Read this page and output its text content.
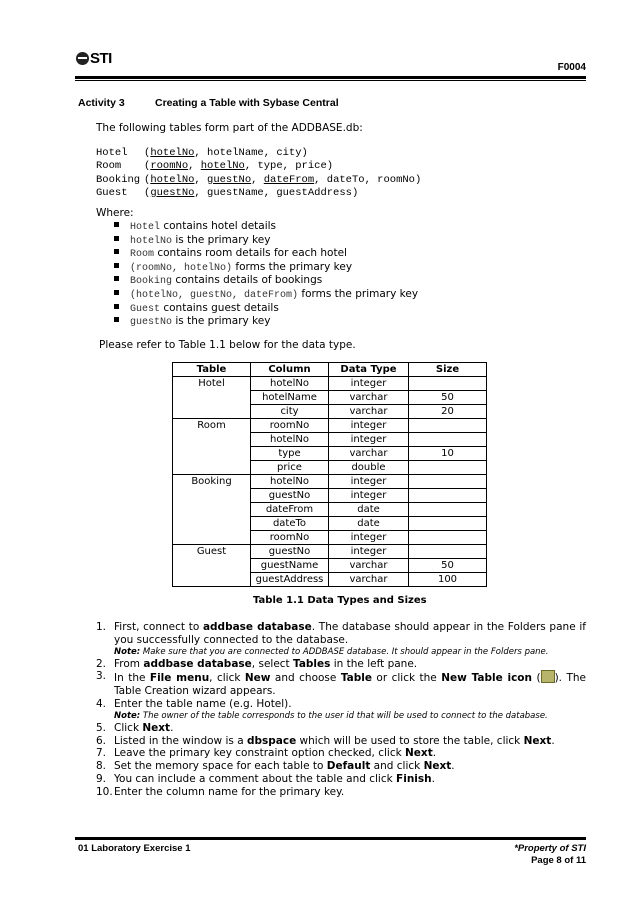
STI
F0004
Activity 3	Creating a Table with Sybase Central
The following tables form part of the ADDBASE.db:
Hotel (hotelNo, hotelName, city)
Room (roomNo, hotelNo, type, price)
Booking (hotelNo, guestNo, dateFrom, dateTo, roomNo)
Guest (guestNo, guestName, guestAddress)
Where:
Hotel contains hotel details
hotelNo is the primary key
Room contains room details for each hotel
(roomNo, hotelNo) forms the primary key
Booking contains details of bookings
(hotelNo, guestNo, dateFrom) forms the primary key
Guest contains guest details
guestNo is the primary key
Please refer to Table 1.1 below for the data type.
Table	Column	Data Type	Size
Hotel	hotelNo	integer	
	hotelName	varchar	50
	city	varchar	20
Room	roomNo	integer	
	hotelNo	integer	
	type	varchar	10
	price	double	
Booking	hotelNo	integer	
	guestNo	integer	
	dateFrom	date	
	dateTo	date	
	roomNo	integer	
Guest	guestNo	integer	
	guestName	varchar	50
	guestAddress	varchar	100
Table 1.1 Data Types and Sizes
1. First, connect to addbase database. The database should appear in the Folders pane if you successfully connected to the database.
Note: Make sure that you are connected to ADDBASE database. It should appear in the Folders pane.
2. From addbase database, select Tables in the left pane.
3. In the File menu, click New and choose Table or click the New Table icon ( ). The Table Creation wizard appears.
4. Enter the table name (e.g. Hotel).
Note: The owner of the table corresponds to the user id that will be used to connect to the database.
5. Click Next.
6. Listed in the window is a dbspace which will be used to store the table, click Next.
7. Leave the primary key constraint option checked, click Next.
8. Set the memory space for each table to Default and click Next.
9. You can include a comment about the table and click Finish.
10. Enter the column name for the primary key.
01 Laboratory Exercise 1	*Property of STI
Page 8 of 11
